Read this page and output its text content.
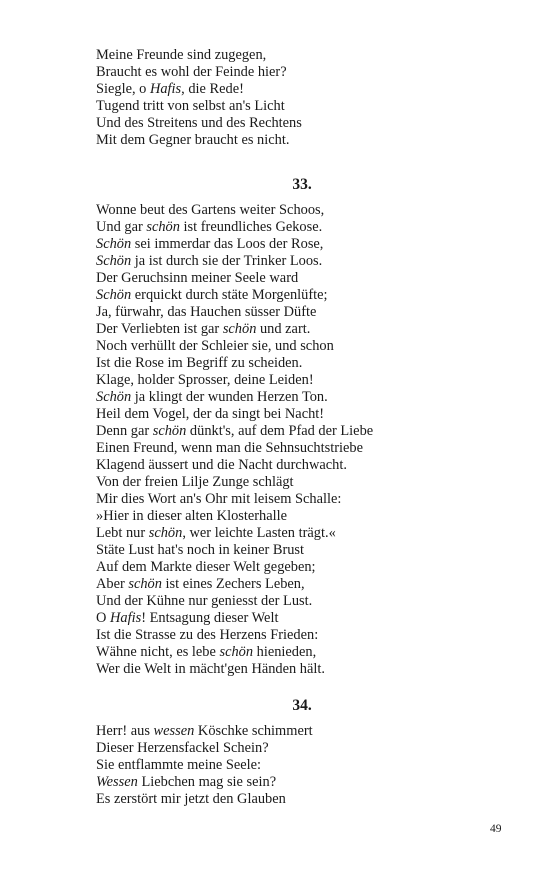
Meine Freunde sind zugegen,
Braucht es wohl der Feinde hier?
Siegle, o Hafis, die Rede!
Tugend tritt von selbst an's Licht
Und des Streitens und des Rechtens
Mit dem Gegner braucht es nicht.
33.
Wonne beut des Gartens weiter Schoos,
Und gar schön ist freundliches Gekose.
Schön sei immerdar das Loos der Rose,
Schön ja ist durch sie der Trinker Loos.
Der Geruchsinn meiner Seele ward
Schön erquickt durch stäte Morgenlüfte;
Ja, fürwahr, das Hauchen süsser Düfte
Der Verliebten ist gar schön und zart.
Noch verhüllt der Schleier sie, und schon
Ist die Rose im Begriff zu scheiden.
Klage, holder Sprosser, deine Leiden!
Schön ja klingt der wunden Herzen Ton.
Heil dem Vogel, der da singt bei Nacht!
Denn gar schön dünkt's, auf dem Pfad der Liebe
Einen Freund, wenn man die Sehnsuchtstriebe
Klagend äussert und die Nacht durchwacht.
Von der freien Lilje Zunge schlägt
Mir dies Wort an's Ohr mit leisem Schalle:
»Hier in dieser alten Klosterhalle
Lebt nur schön, wer leichte Lasten trägt.«
Stäte Lust hat's noch in keiner Brust
Auf dem Markte dieser Welt gegeben;
Aber schön ist eines Zechers Leben,
Und der Kühne nur geniesst der Lust.
O Hafis! Entsagung dieser Welt
Ist die Strasse zu des Herzens Frieden:
Wähne nicht, es lebe schön hienieden,
Wer die Welt in mächt'gen Händen hält.
34.
Herr! aus wessen Köschke schimmert
Dieser Herzensfackel Schein?
Sie entflammte meine Seele:
Wessen Liebchen mag sie sein?
Es zerstört mir jetzt den Glauben
49
